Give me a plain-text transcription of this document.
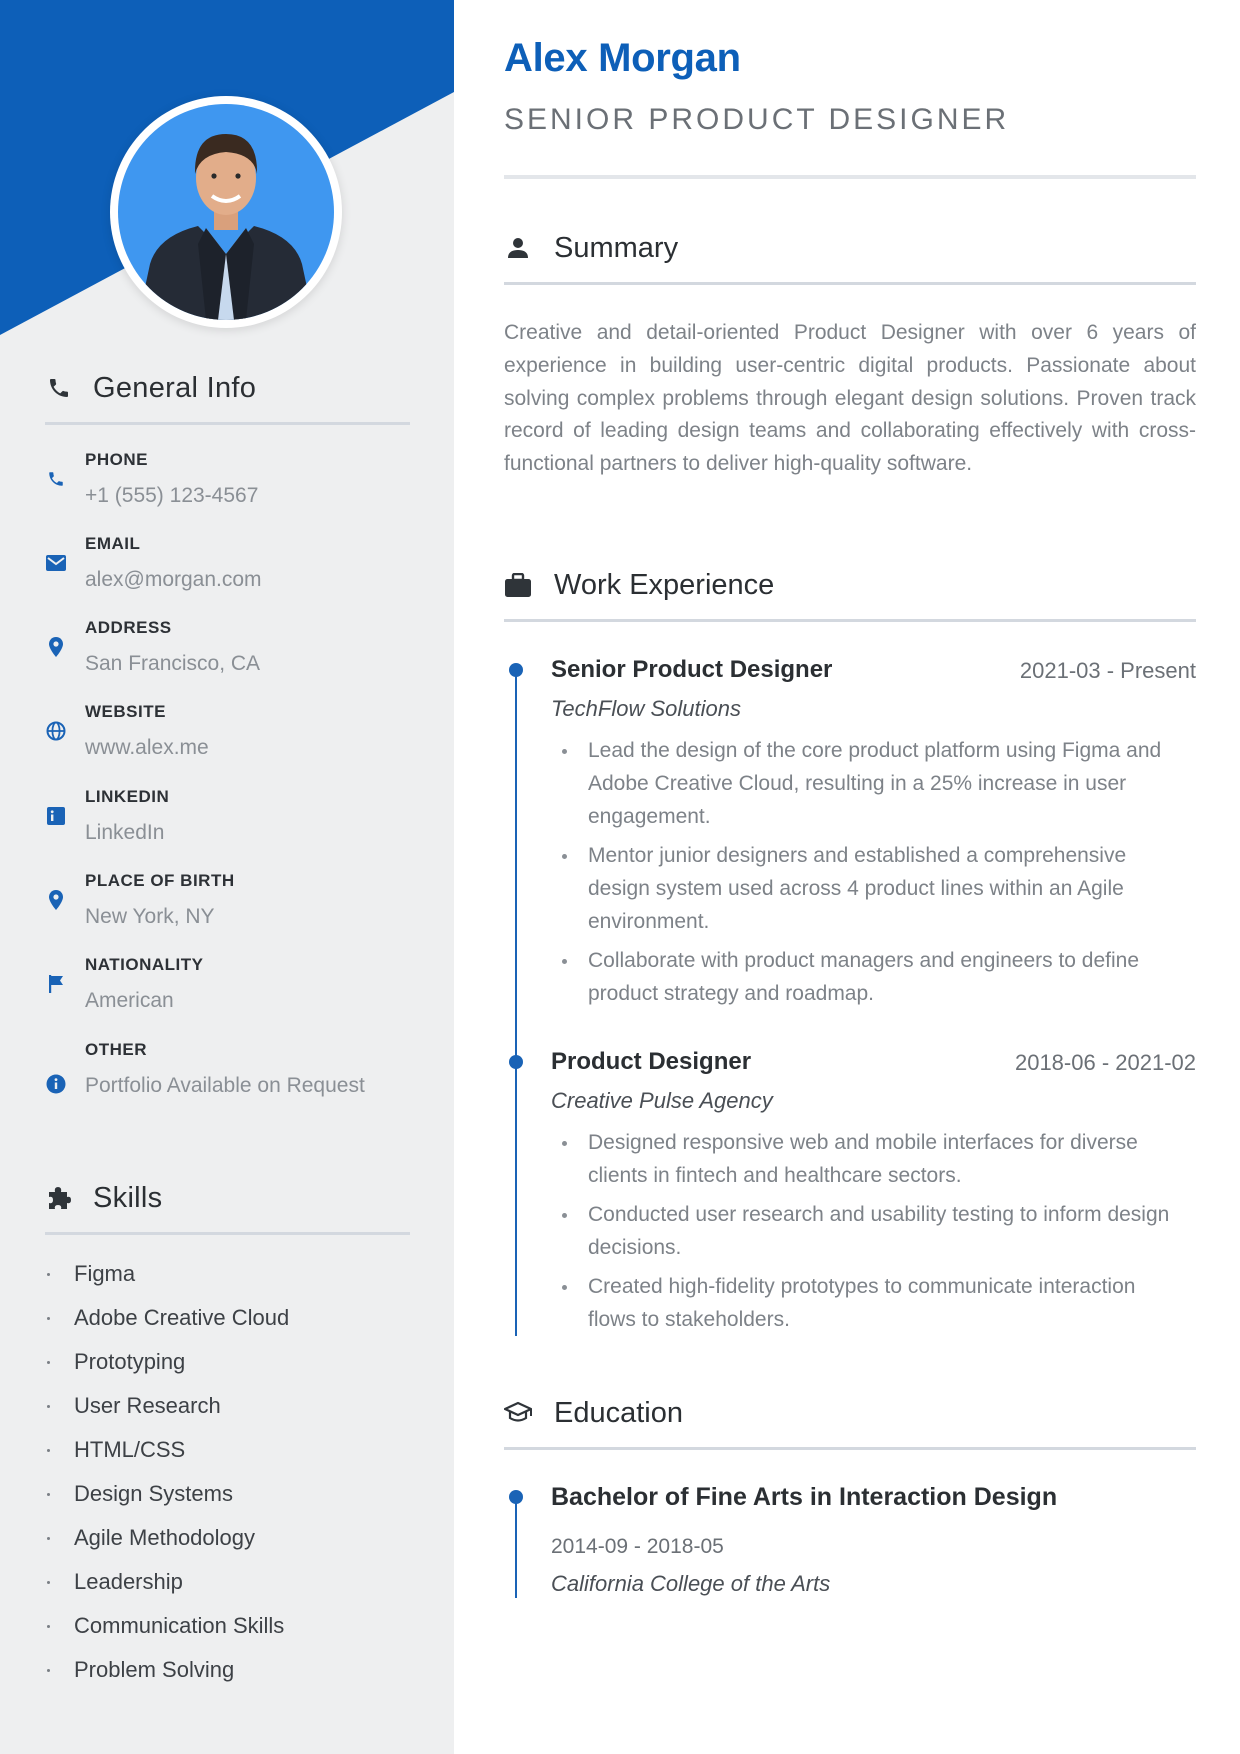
General Info
PHONE
+1 (555) 123-4567
EMAIL
alex@morgan.com
ADDRESS
San Francisco, CA
WEBSITE
www.alex.me
LINKEDIN
LinkedIn
PLACE OF BIRTH
New York, NY
NATIONALITY
American
OTHER
Portfolio Available on Request
Skills
Figma
Adobe Creative Cloud
Prototyping
User Research
HTML/CSS
Design Systems
Agile Methodology
Leadership
Communication Skills
Problem Solving
Alex Morgan
SENIOR PRODUCT DESIGNER
Summary

Creative and detail-oriented Product Designer with over 6 years of experience in building user-centric digital products. Passionate about solving complex problems through elegant design solutions. Proven track record of leading design teams and collaborating effectively with cross-functional partners to deliver high-quality software.

Work Experience
Senior Product Designer	2021-03 - Present
TechFlow Solutions
Lead the design of the core product platform using Figma and Adobe Creative Cloud, resulting in a 25% increase in user engagement.
Mentor junior designers and established a comprehensive design system used across 4 product lines within an Agile environment.
Collaborate with product managers and engineers to define product strategy and roadmap.
Product Designer	2018-06 - 2021-02
Creative Pulse Agency
Designed responsive web and mobile interfaces for diverse clients in fintech and healthcare sectors.
Conducted user research and usability testing to inform design decisions.
Created high-fidelity prototypes to communicate interaction flows to stakeholders.
Education
Bachelor of Fine Arts in Interaction Design
2014-09 - 2018-05
California College of the Arts
